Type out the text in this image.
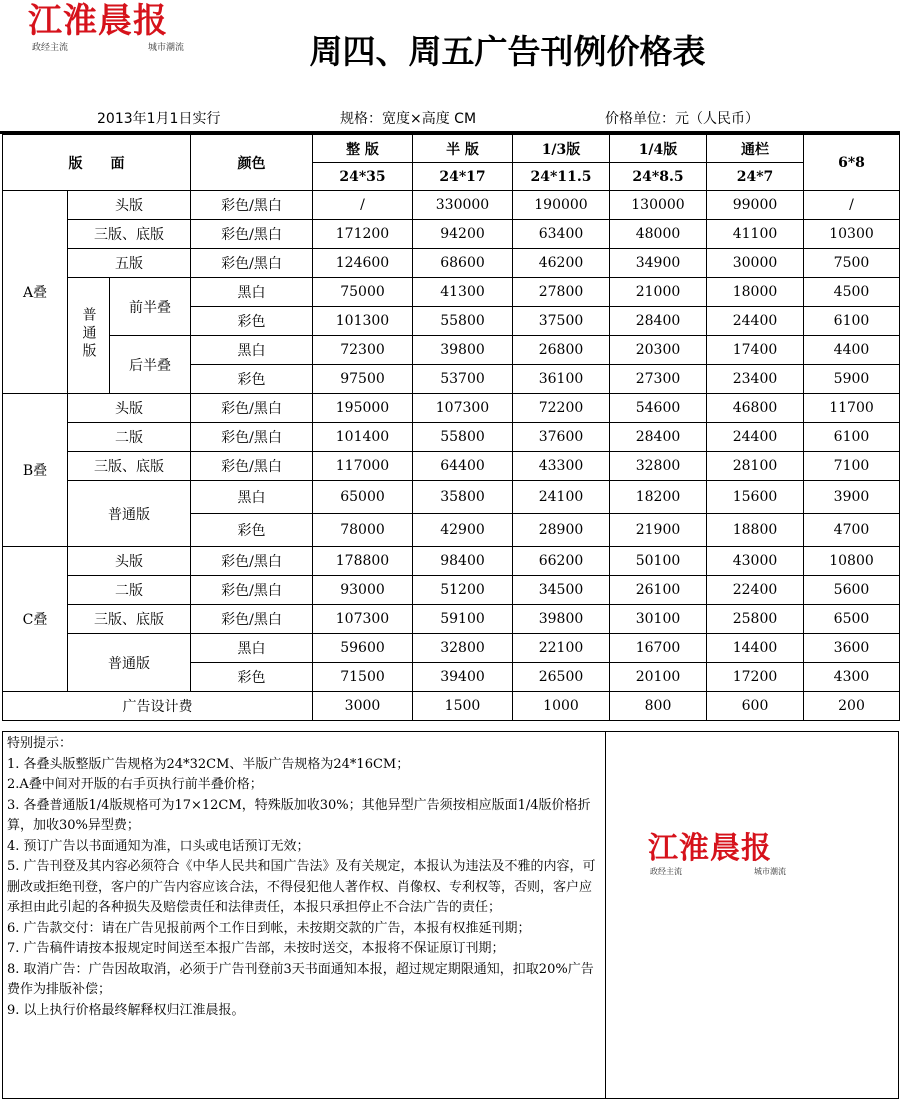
江淮晨报
政经主流	城市潮流	周四、周五广告刊例价格表
2013年1月1日实行	规格：宽度×高度 CM	价格单位：元（人民币）
版　　面			颜色	整 版	半 版	1/3版	1/4版	通栏	6*8
				24*35	24*17	24*11.5	24*8.5	24*7	
A叠	头版		彩色/黑白	/	330000	190000	130000	99000	/
	三版、底版		彩色/黑白	171200	94200	63400	48000	41100	10300
	五版		彩色/黑白	124600	68600	46200	34900	30000	7500
	普通版	前半叠	黑白	75000	41300	27800	21000	18000	4500
			彩色	101300	55800	37500	28400	24400	6100
		后半叠	黑白	72300	39800	26800	20300	17400	4400
			彩色	97500	53700	36100	27300	23400	5900
B叠	头版		彩色/黑白	195000	107300	72200	54600	46800	11700
	二版		彩色/黑白	101400	55800	37600	28400	24400	6100
	三版、底版		彩色/黑白	117000	64400	43300	32800	28100	7100
	普通版		黑白	65000	35800	24100	18200	15600	3900
			彩色	78000	42900	28900	21900	18800	4700
C叠	头版		彩色/黑白	178800	98400	66200	50100	43000	10800
	二版		彩色/黑白	93000	51200	34500	26100	22400	5600
	三版、底版		彩色/黑白	107300	59100	39800	30100	25800	6500
	普通版		黑白	59600	32800	22100	16700	14400	3600
			彩色	71500	39400	26500	20100	17200	4300
广告设计费				3000	1500	1000	800	600	200
特别提示：
1. 各叠头版整版广告规格为24*32CM、半版广告规格为24*16CM；
2.A叠中间对开版的右手页执行前半叠价格；
3. 各叠普通版1/4版规格可为17×12CM，特殊版加收30%；其他异型广告须按相应版面1/4版价格折算，加收30%异型费；
4. 预订广告以书面通知为准，口头或电话预订无效；
5. 广告刊登及其内容必须符合《中华人民共和国广告法》及有关规定，本报认为违法及不雅的内容，可删改或拒绝刊登，客户的广告内容应该合法，不得侵犯他人著作权、肖像权、专利权等，否则，客户应承担由此引起的各种损失及赔偿责任和法律责任，本报只承担停止不合法广告的责任；
6. 广告款交付：请在广告见报前两个工作日到帐，未按期交款的广告，本报有权推延刊期；
7. 广告稿件请按本报规定时间送至本报广告部，未按时送交，本报将不保证原订刊期；
8. 取消广告：广告因故取消，必须于广告刊登前3天书面通知本报，超过规定期限通知，扣取20%广告费作为排版补偿；
9. 以上执行价格最终解释权归江淮晨报。
江淮晨报
政经主流	城市潮流
